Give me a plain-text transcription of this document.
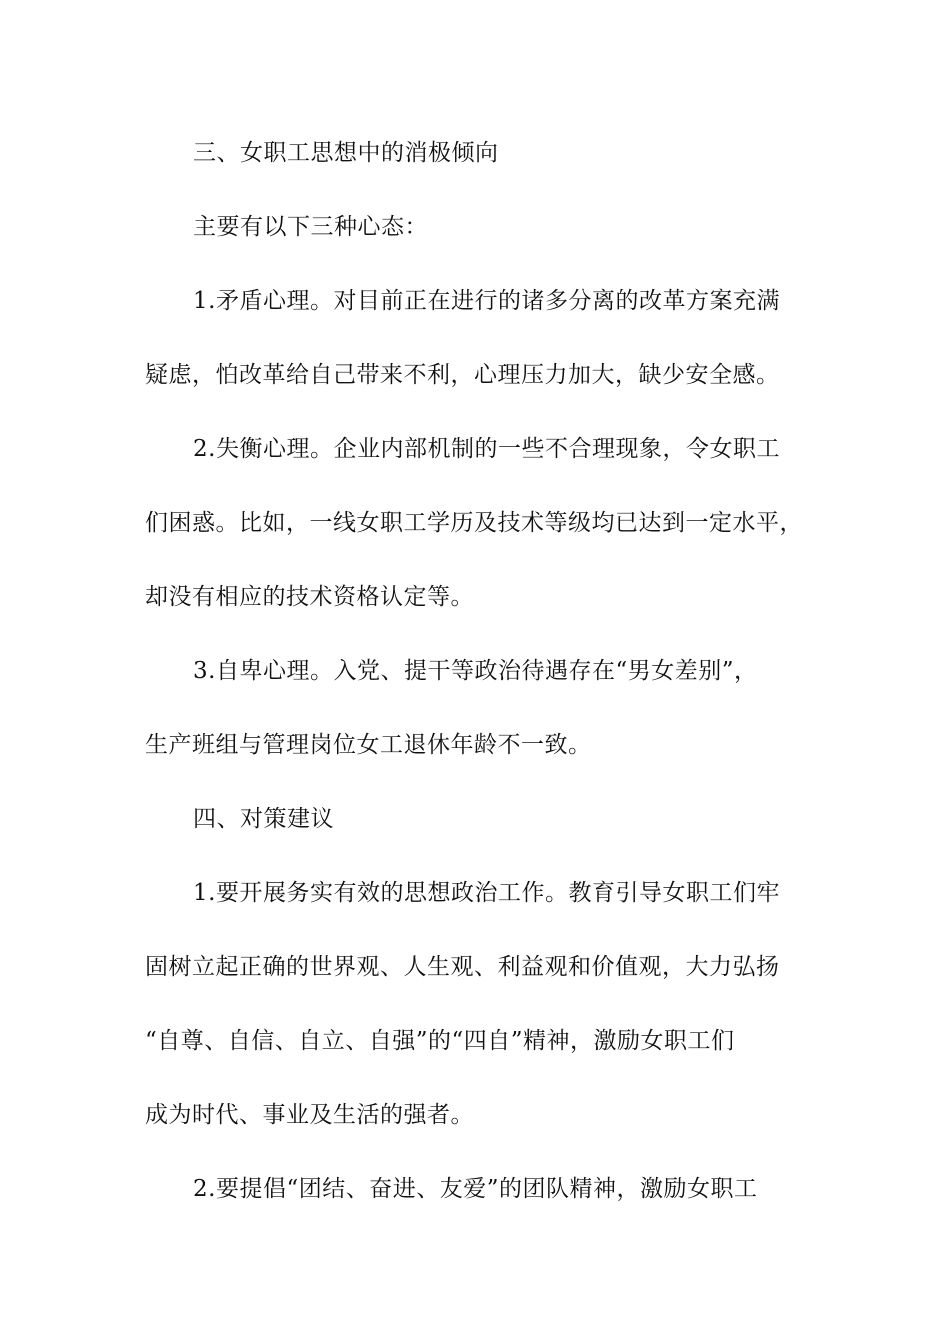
三、女职工思想中的消极倾向
主要有以下三种心态：
1.矛盾心理。对目前正在进行的诸多分离的改革方案充满
疑虑，怕改革给自己带来不利，心理压力加大，缺少安全感。
2.失衡心理。企业内部机制的一些不合理现象，令女职工
们困惑。比如，一线女职工学历及技术等级均已达到一定水平，
却没有相应的技术资格认定等。
3.自卑心理。入党、提干等政治待遇存在“男女差别”，
生产班组与管理岗位女工退休年龄不一致。
四、对策建议
1.要开展务实有效的思想政治工作。教育引导女职工们牢
固树立起正确的世界观、人生观、利益观和价值观，大力弘扬
“自尊、自信、自立、自强”的“四自”精神，激励女职工们
成为时代、事业及生活的强者。
2.要提倡“团结、奋进、友爱”的团队精神，激励女职工
